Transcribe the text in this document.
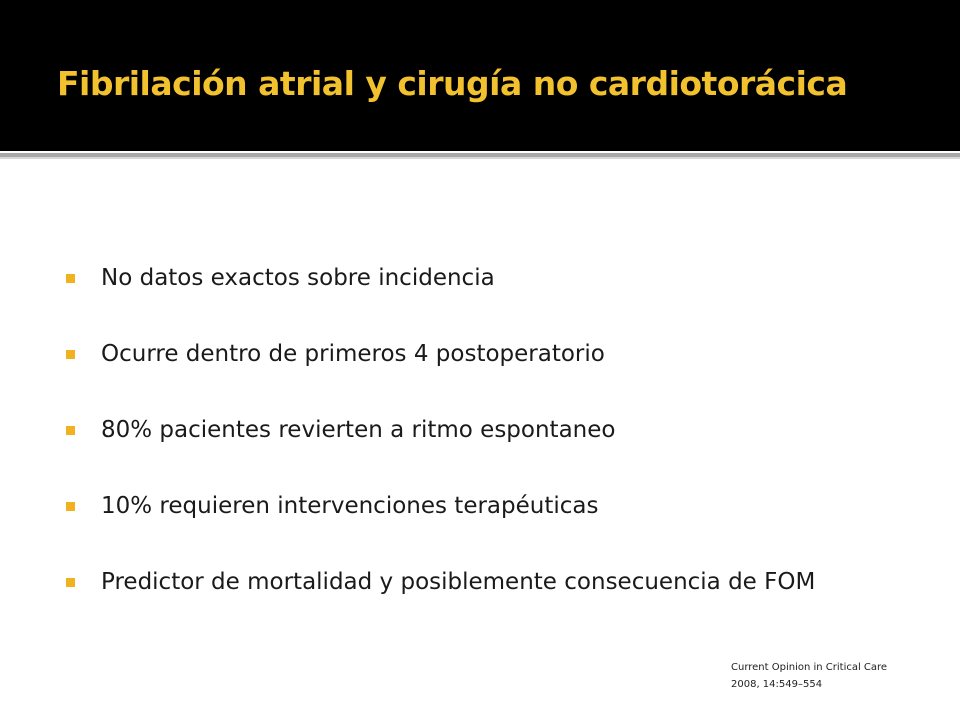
Fibrilación atrial y cirugía no cardiotorácica
No datos exactos sobre incidencia
Ocurre dentro de primeros 4 postoperatorio
80% pacientes revierten a ritmo espontaneo
10% requieren intervenciones terapéuticas
Predictor de mortalidad y posiblemente consecuencia de FOM
Current Opinion in Critical Care
2008, 14:549–554
